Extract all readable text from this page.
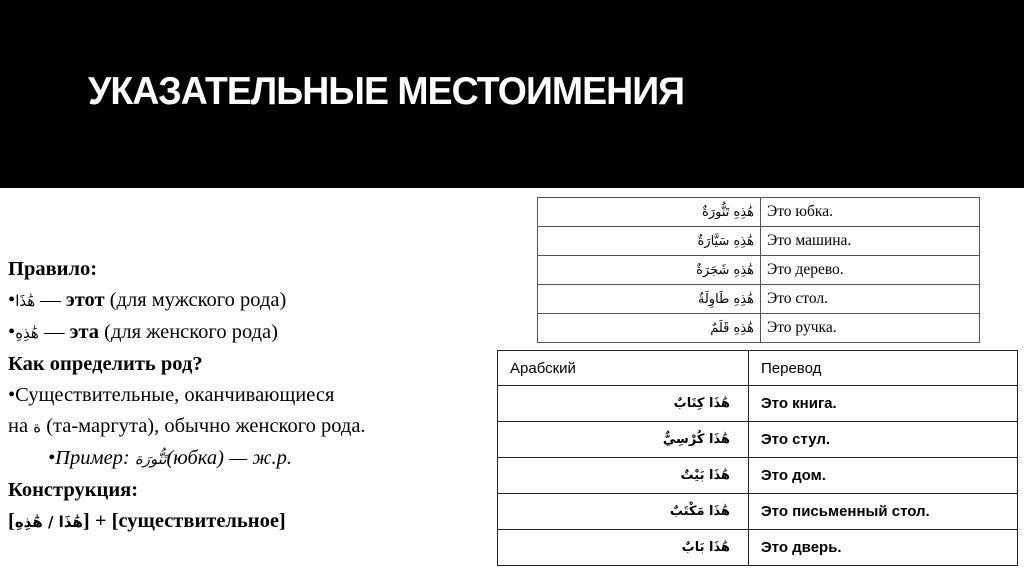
УКАЗАТЕЛЬНЫЕ МЕСТОИМЕНИЯ
Правило:
•هَٰذَا — этот (для мужского рода)
•هَٰذِهِ — эта (для женского рода)
Как определить род?
•Существительные, оканчивающиеся
на ة (та-маргута), обычно женского рода.
•Пример: تَنُّورَة(юбка) — ж.р.
Конструкция:
[هَٰذَا / هَٰذِهِ] + [существительное]
هَٰذِهِ تَنُّورَةٌ	Это юбка.
هَٰذِهِ سَيَّارَةٌ	Это машина.
هَٰذِهِ شَجَرَةٌ	Это дерево.
هَٰذِهِ طَاوِلَةٌ	Это стол.
هَٰذِهِ قَلَمٌ	Это ручка.
Арабский	Перевод
هَٰذَا كِتَابٌ	Это книга.
هَٰذَا كُرْسِيٌّ	Это стул.
هَٰذَا بَيْتٌ	Это дом.
هَٰذَا مَكْتَبٌ	Это письменный стол.
هَٰذَا بَابٌ	Это дверь.
